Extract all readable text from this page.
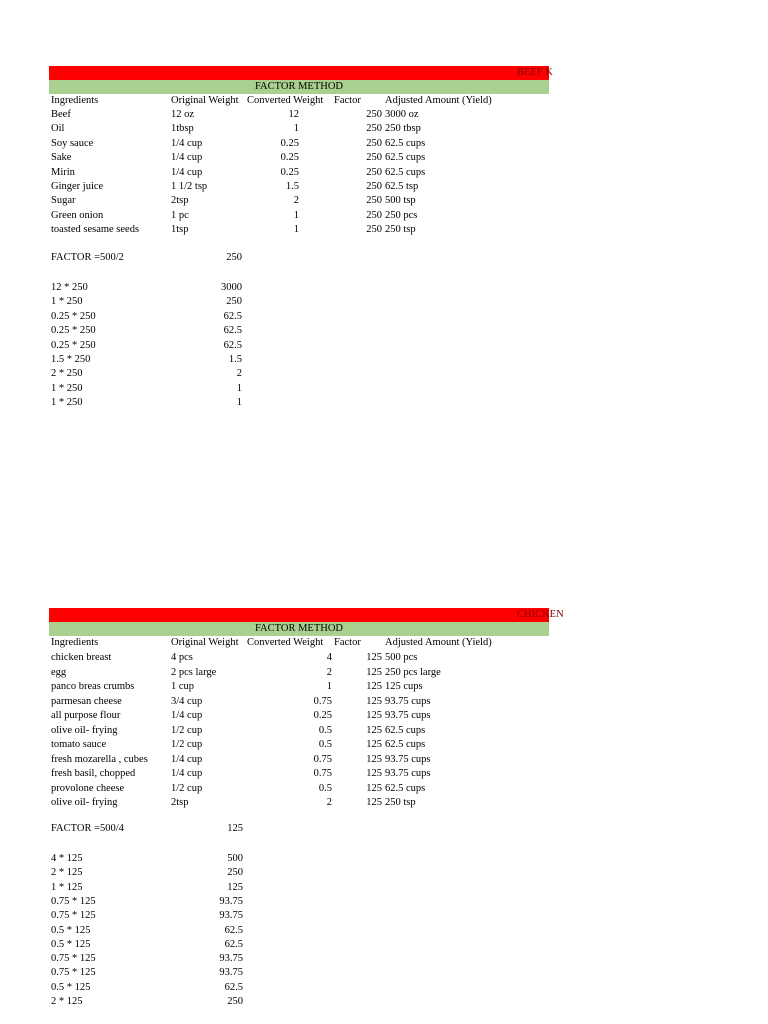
BEEF K
FACTOR METHOD
Ingredients	Original Weight Converted Weight Factor Adjusted Amount (Yield)
Beef	12 oz	12	250 3000 oz
Oil	1tbsp	1	250 250 tbsp
Soy sauce	1/4 cup	0.25	250 62.5 cups
Sake	1/4 cup	0.25	250 62.5 cups
Mirin	1/4 cup	0.25	250 62.5 cups
Ginger juice	1 1/2 tsp	1.5	250 62.5 tsp
Sugar	2tsp	2	250 500 tsp
Green onion	1 pc	1	250 250 pcs
toasted sesame seeds	1tsp	1	250 250 tsp
FACTOR =500/2	250
12 * 250	3000
1 * 250	250
0.25 * 250	62.5
0.25 * 250	62.5
0.25 * 250	62.5
1.5 * 250	1.5
2 * 250	2
1 * 250	1
1 * 250	1
CHICKEN
FACTOR METHOD
Ingredients	Original Weight Converted Weight Factor Adjusted Amount (Yield)
chicken breast	4 pcs	4	125 500 pcs
egg	2 pcs large	2	125 250 pcs large
panco breas crumbs	1 cup	1	125 125 cups
parmesan cheese	3/4 cup	0.75	125 93.75 cups
all purpose flour	1/4 cup	0.25	125 93.75 cups
olive oil- frying	1/2 cup	0.5	125 62.5 cups
tomato sauce	1/2 cup	0.5	125 62.5 cups
fresh mozarella , cubes 1/4 cup	0.75	125 93.75 cups
fresh basil, chopped	1/4 cup	0.75	125 93.75 cups
provolone cheese	1/2 cup	0.5	125 62.5 cups
olive oil- frying	2tsp	2	125 250 tsp
FACTOR =500/4	125
4 * 125	500
2 * 125	250
1 * 125	125
0.75 * 125	93.75
0.75 * 125	93.75
0.5 * 125	62.5
0.5 * 125	62.5
0.75 * 125	93.75
0.75 * 125	93.75
0.5 * 125	62.5
2 * 125	250
